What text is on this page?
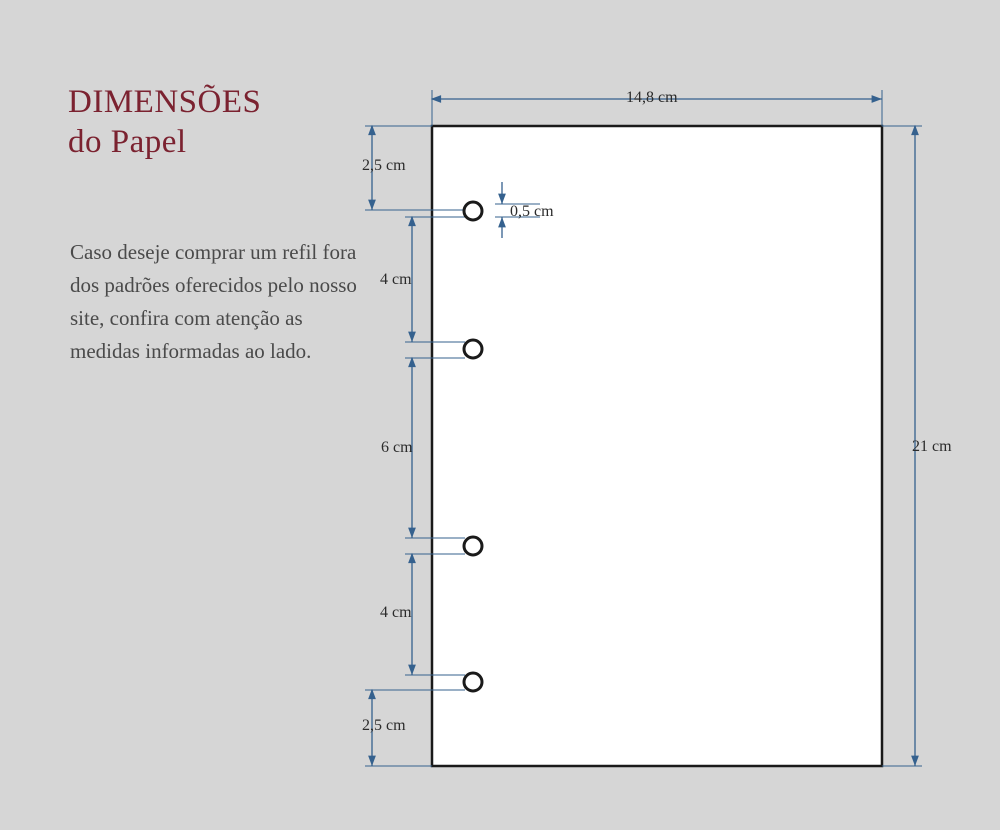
DIMENSÕES
do Papel
Caso deseje comprar um refil fora dos padrões oferecidos pelo nosso site, confira com atenção as medidas informadas ao lado.
14,8 cm
21 cm
2,5 cm
0,5 cm
4 cm
6 cm
4 cm
2,5 cm
